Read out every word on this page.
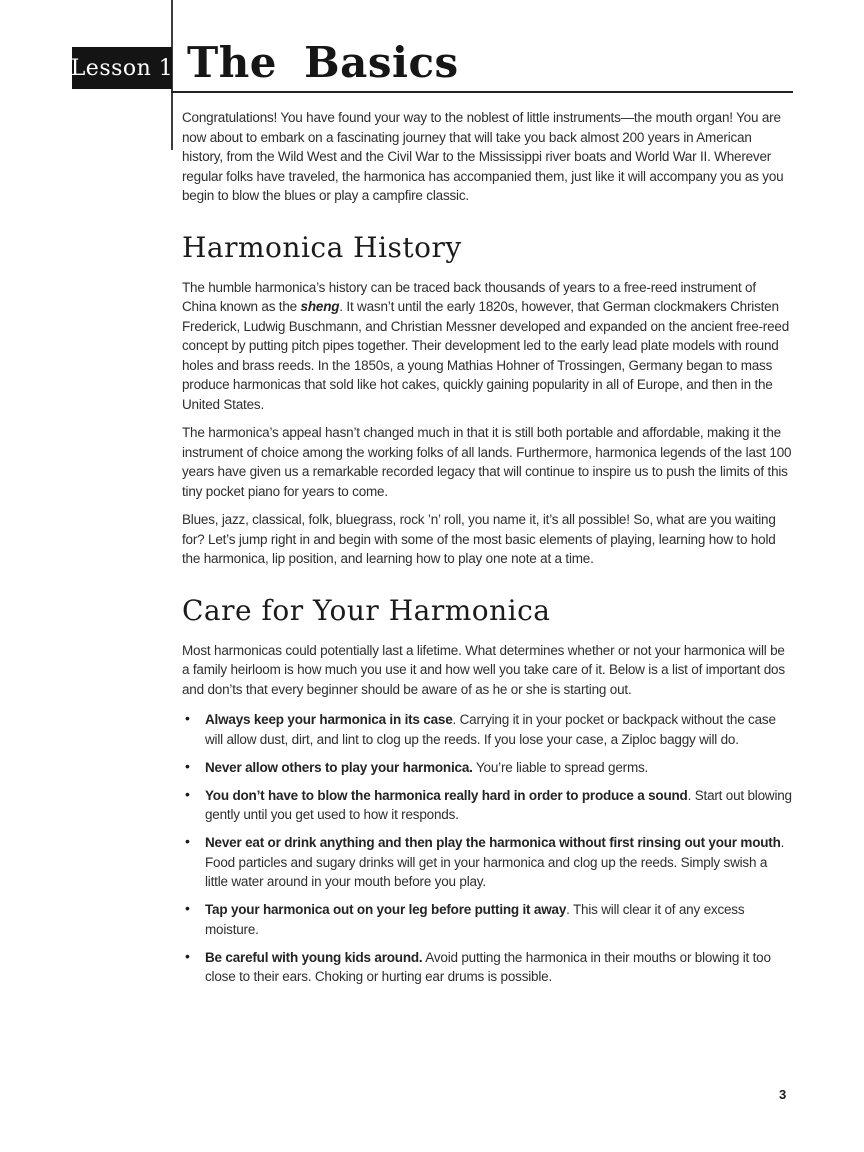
Lesson 1 The Basics

Congratulations! You have found your way to the noblest of little instruments—the mouth organ! You are now about to embark on a fascinating journey that will take you back almost 200 years in American history, from the Wild West and the Civil War to the Mississippi river boats and World War II. Wherever regular folks have traveled, the harmonica has accompanied them, just like it will accompany you as you begin to blow the blues or play a campfire classic.

Harmonica History

The humble harmonica’s history can be traced back thousands of years to a free-reed instrument of China known as the sheng. It wasn’t until the early 1820s, however, that German clockmakers Christen Frederick, Ludwig Buschmann, and Christian Messner developed and expanded on the ancient free-reed concept by putting pitch pipes together. Their development led to the early lead plate models with round holes and brass reeds. In the 1850s, a young Mathias Hohner of Trossingen, Germany began to mass produce harmonicas that sold like hot cakes, quickly gaining popularity in all of Europe, and then in the United States.

The harmonica’s appeal hasn’t changed much in that it is still both portable and affordable, making it the instrument of choice among the working folks of all lands. Furthermore, harmonica legends of the last 100 years have given us a remarkable recorded legacy that will continue to inspire us to push the limits of this tiny pocket piano for years to come.

Blues, jazz, classical, folk, bluegrass, rock ’n’ roll, you name it, it’s all possible! So, what are you waiting for? Let’s jump right in and begin with some of the most basic elements of playing, learning how to hold the harmonica, lip position, and learning how to play one note at a time.

Care for Your Harmonica

Most harmonicas could potentially last a lifetime. What determines whether or not your harmonica will be a family heirloom is how much you use it and how well you take care of it. Below is a list of important dos and don’ts that every beginner should be aware of as he or she is starting out.

• Always keep your harmonica in its case. Carrying it in your pocket or backpack without the case will allow dust, dirt, and lint to clog up the reeds. If you lose your case, a Ziploc baggy will do.
• Never allow others to play your harmonica. You’re liable to spread germs.
• You don’t have to blow the harmonica really hard in order to produce a sound. Start out blowing gently until you get used to how it responds.
• Never eat or drink anything and then play the harmonica without first rinsing out your mouth. Food particles and sugary drinks will get in your harmonica and clog up the reeds. Simply swish a little water around in your mouth before you play.
• Tap your harmonica out on your leg before putting it away. This will clear it of any excess moisture.
• Be careful with young kids around. Avoid putting the harmonica in their mouths or blowing it too close to their ears. Choking or hurting ear drums is possible.
3
